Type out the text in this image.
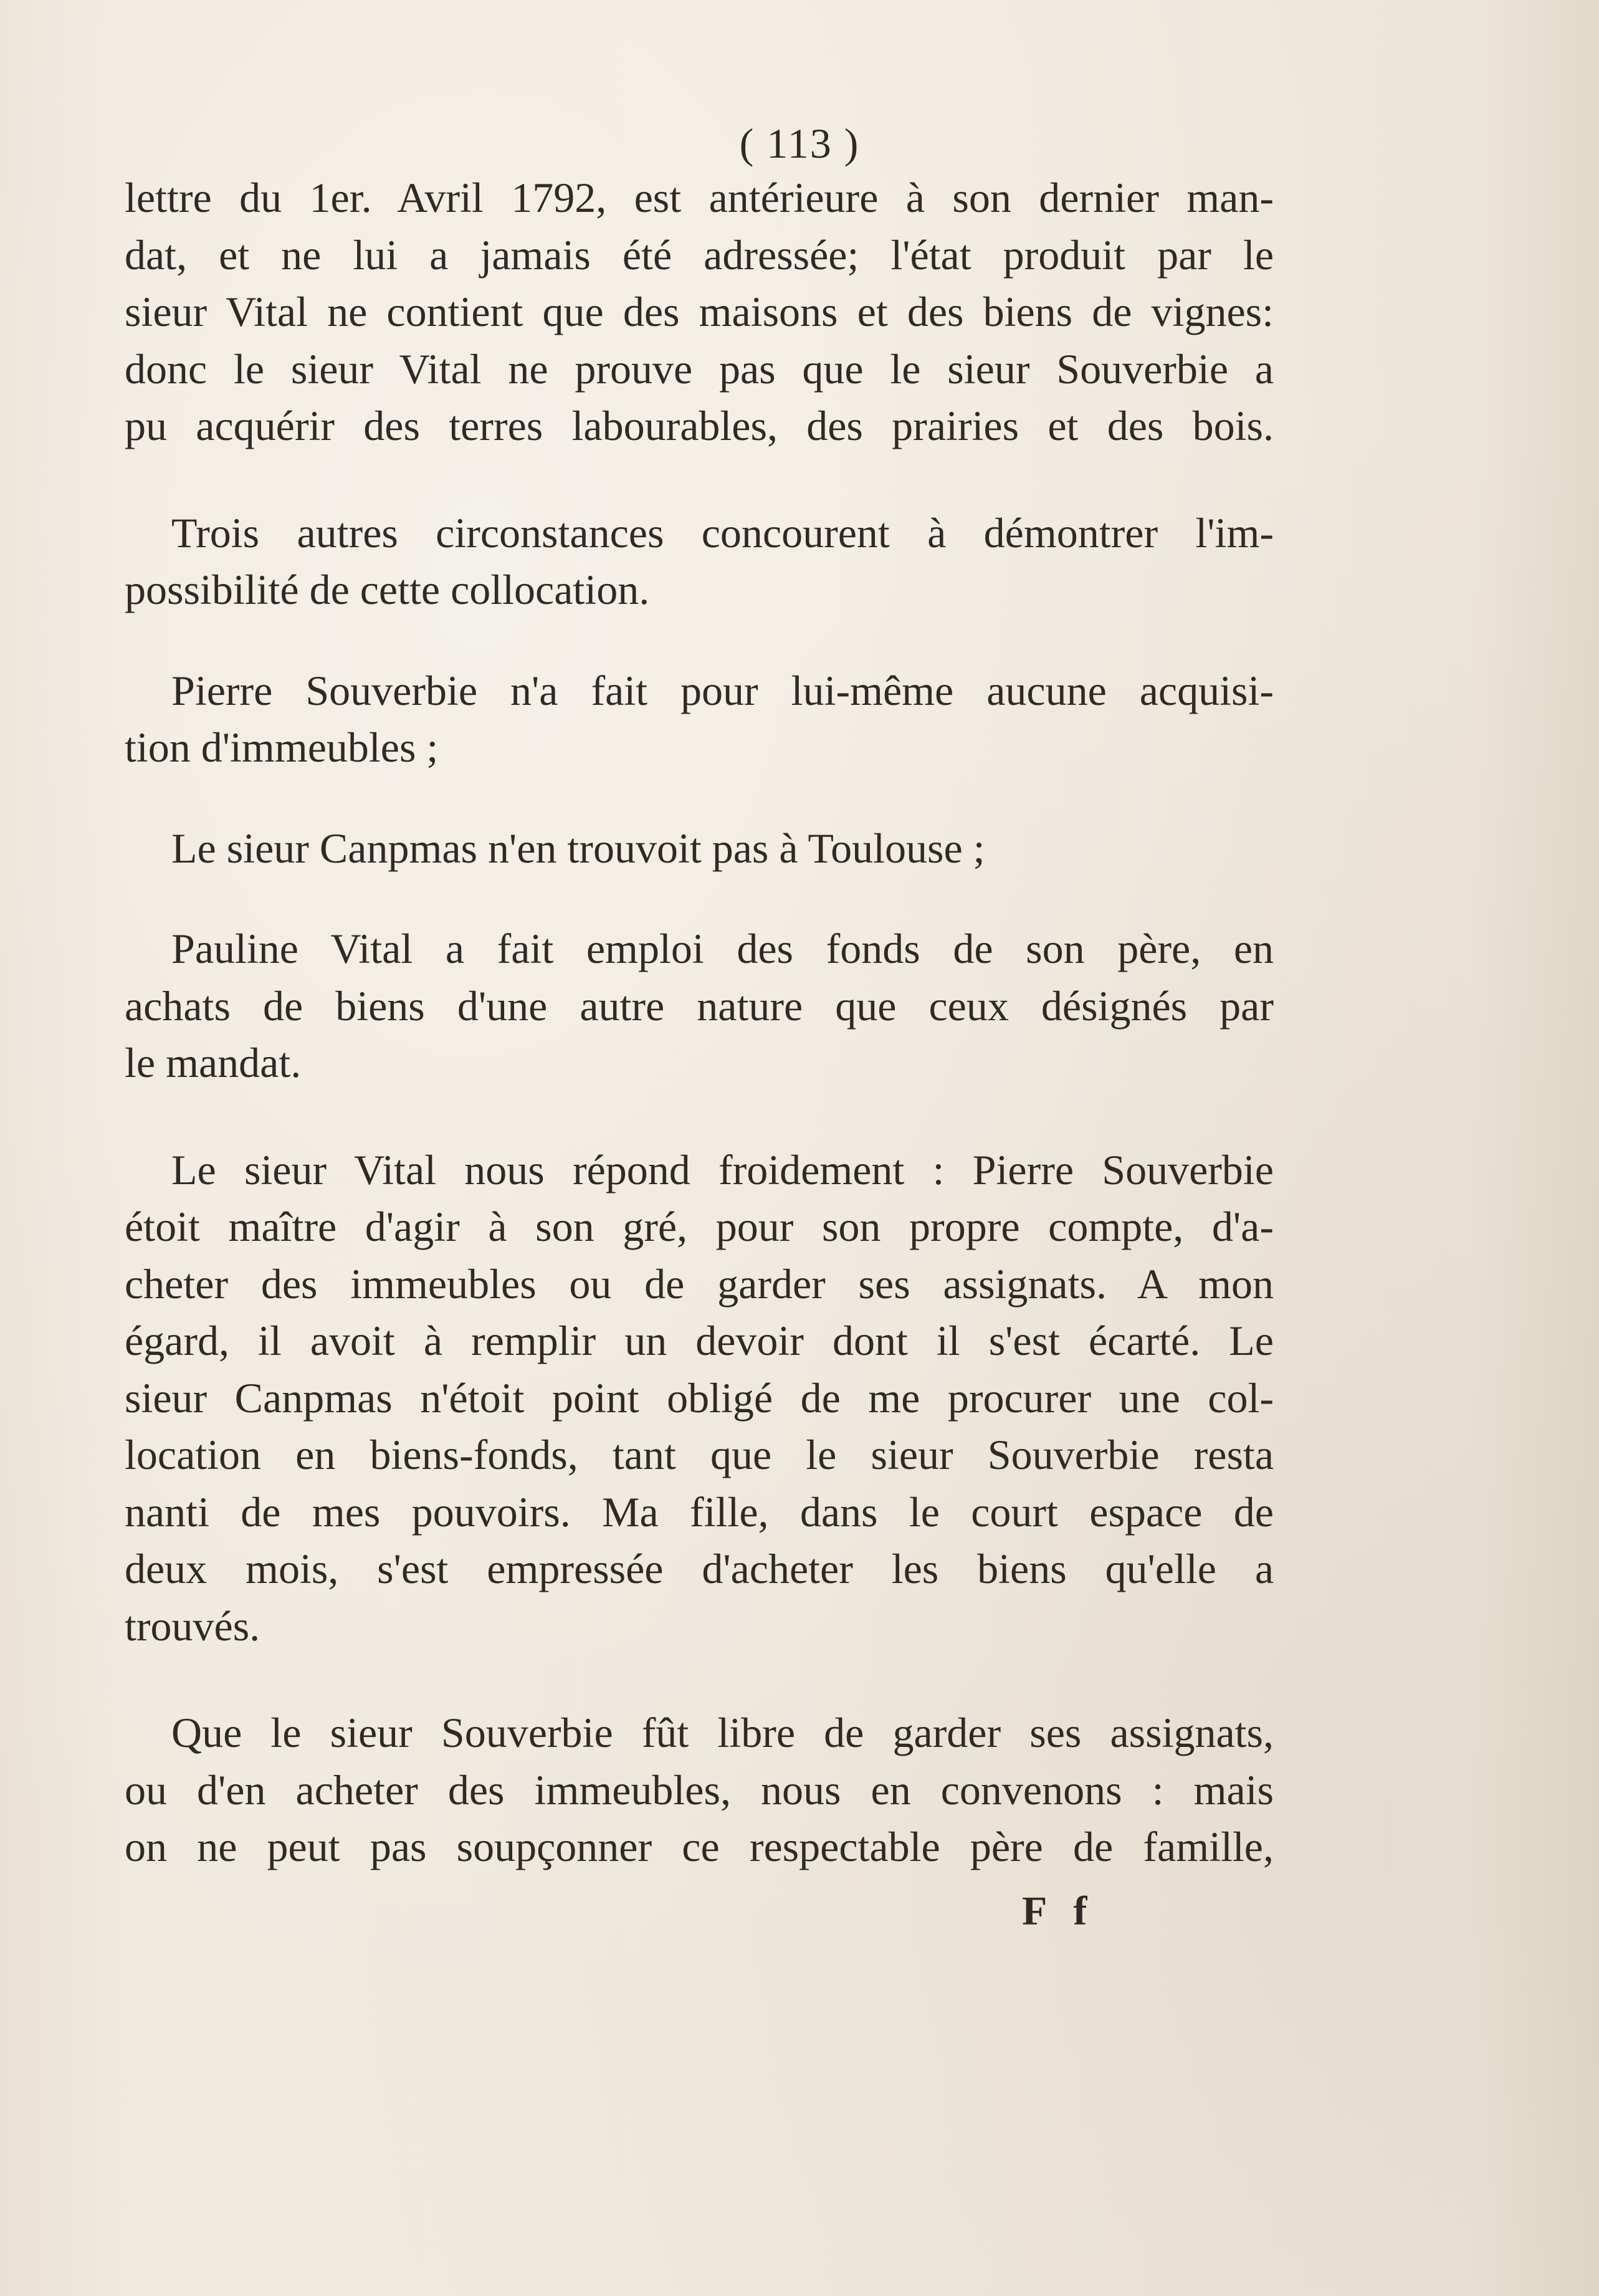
( 113 )
lettre du 1er. Avril 1792, est antérieure à son dernier man-
dat, et ne lui a jamais été adressée; l'état produit par le
sieur Vital ne contient que des maisons et des biens de vignes:
donc le sieur Vital ne prouve pas que le sieur Souverbie a
pu acquérir des terres labourables, des prairies et des bois.
Trois autres circonstances concourent à démontrer l'im-
possibilité de cette collocation.
Pierre Souverbie n'a fait pour lui-même aucune acquisi-
tion d'immeubles ;
Le sieur Canpmas n'en trouvoit pas à Toulouse ;
Pauline Vital a fait emploi des fonds de son père, en
achats de biens d'une autre nature que ceux désignés par
le mandat.
Le sieur Vital nous répond froidement : Pierre Souverbie
étoit maître d'agir à son gré, pour son propre compte, d'a-
cheter des immeubles ou de garder ses assignats. A mon
égard, il avoit à remplir un devoir dont il s'est écarté. Le
sieur Canpmas n'étoit point obligé de me procurer une col-
location en biens-fonds, tant que le sieur Souverbie resta
nanti de mes pouvoirs. Ma fille, dans le court espace de
deux mois, s'est empressée d'acheter les biens qu'elle a
trouvés.
Que le sieur Souverbie fût libre de garder ses assignats,
ou d'en acheter des immeubles, nous en convenons : mais
on ne peut pas soupçonner ce respectable père de famille,
F f
